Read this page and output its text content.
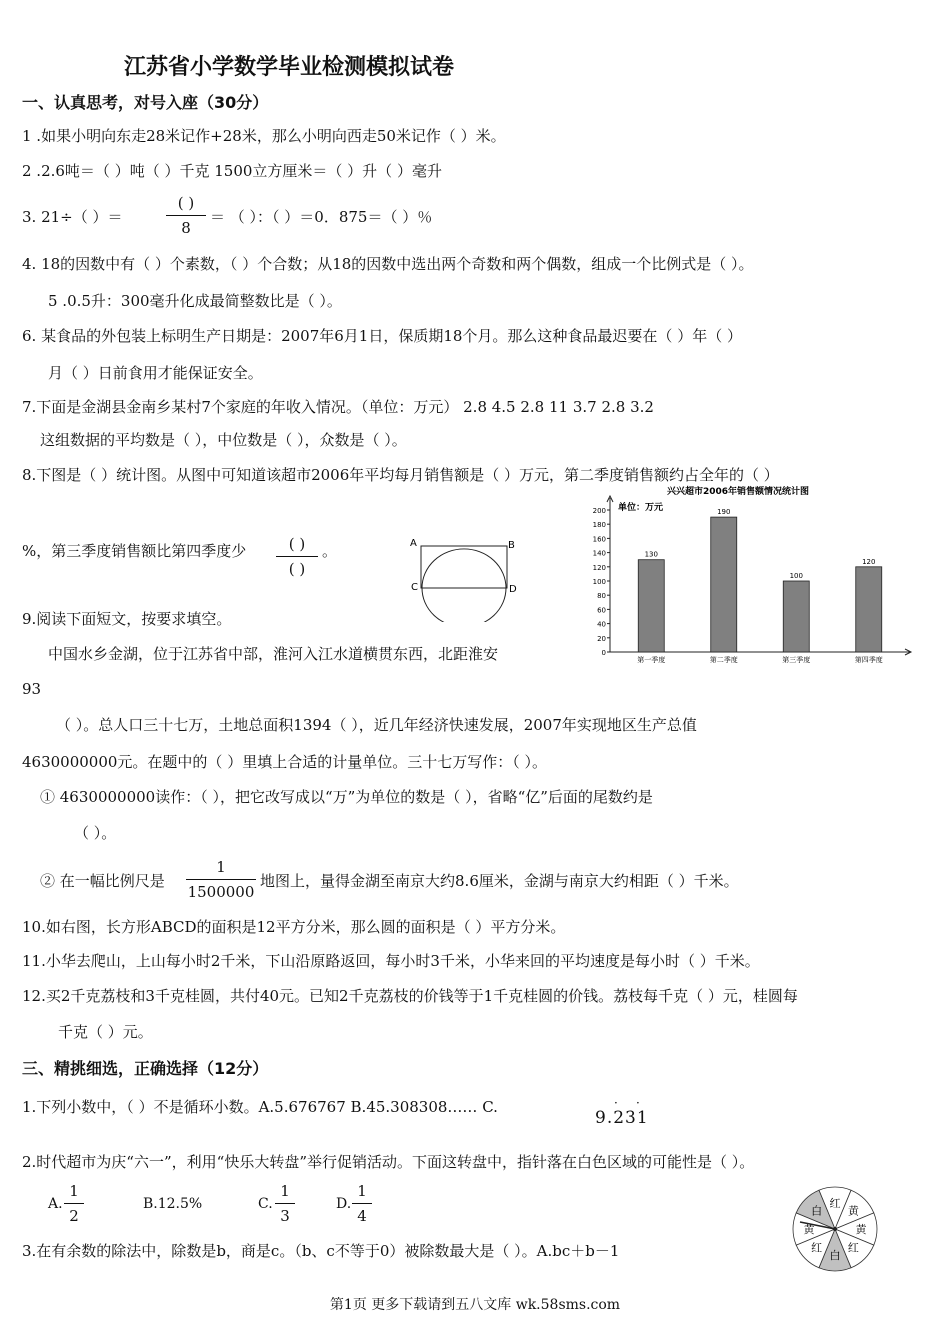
江苏省小学数学毕业检测模拟试卷
一、认真思考，对号入座（30分）
1 .如果小明向东走28米记作+28米，那么小明向西走50米记作（ ）米。
2 .2.6吨＝（ ）吨（ ）千克 1500立方厘米＝（ ）升（ ）毫升
3. 21÷（ ）＝
( )
8
＝ （ ）：（ ）＝0．875＝（ ）％
4. 18的因数中有（ ）个素数，（ ）个合数；从18的因数中选出两个奇数和两个偶数，组成一个比例式是（ ）。
5 .0.5升：300毫升化成最简整数比是（ ）。
6. 某食品的外包装上标明生产日期是：2007年6月1日，保质期18个月。那么这种食品最迟要在（ ）年（ ）
月（ ）日前食用才能保证安全。
7.下面是金湖县金南乡某村7个家庭的年收入情况。（单位：万元） 2.8 4.5 2.8 11 3.7 2.8 3.2
这组数据的平均数是（ ），中位数是（ ），众数是（ ）。
8.下图是（ ）统计图。从图中可知道该超市2006年平均每月销售额是（ ）万元，第二季度销售额约占全年的（ ）
%，第三季度销售额比第四季度少	( )
( )
。	A	B
C	D
兴兴超市2006年销售额情况统计图
单位：万元
0
20
40
60
80
100
120
140
160
180
200
130
第一季度
190
第二季度
100
第三季度
120
第四季度
9.阅读下面短文，按要求填空。
中国水乡金湖，位于江苏省中部，淮河入江水道横贯东西，北距淮安
93
（ ）。总人口三十七万，土地总面积1394（ ），近几年经济快速发展，2007年实现地区生产总值
4630000000元。在题中的（ ）里填上合适的计量单位。三十七万写作：（ ）。
① 4630000000读作：（ ），把它改写成以“万”为单位的数是（ ），省略“亿”后面的尾数约是
（ ）。
② 在一幅比例尺是
1
1500000
地图上，量得金湖至南京大约8.6厘米，金湖与南京大约相距（ ）千米。
10.如右图，长方形ABCD的面积是12平方分米，那么圆的面积是（ ）平方分米。
11.小华去爬山，上山每小时2千米，下山沿原路返回，每小时3千米，小华来回的平均速度是每小时（ ）千米。
12.买2千克荔枝和3千克桂圆，共付40元。已知2千克荔枝的价钱等于1千克桂圆的价钱。荔枝每千克（ ）元，桂圆每
千克（ ）元。
三、精挑细选，正确选择（12分）
1.下列小数中，（ ）不是循环小数。A.5.676767 B.45.308308…… C.
9.231
· ·
2.时代超市为庆“六一”，利用“快乐大转盘”举行促销活动。下面这转盘中，指针落在白色区域的可能性是（ ）。
A.
1
2
B.12.5%	C.
1
3
D.
1
4
3.在有余数的除法中，除数是b，商是c。（b、c不等于0）被除数最大是（ ）。A.bc＋b－1
红
黄
黄
红
白
红
黄
白
第1页 更多下载请到五八文库 wk.58sms.com
